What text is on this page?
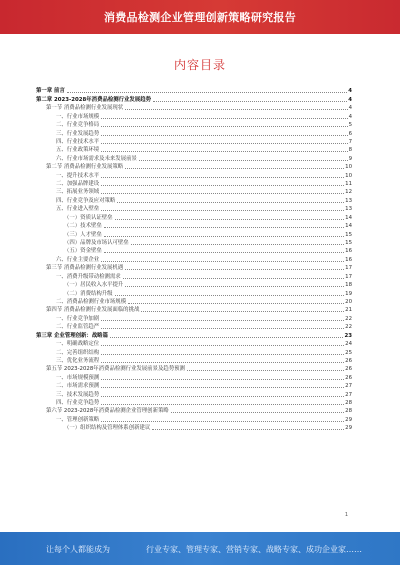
消费品检测企业管理创新策略研究报告
内容目录
第一章 前言	4
第二章 2023-2028年消费品检测行业发展趋势	4
第一节 消费品检测行业发展现状	4
一、行业市场规模	4
二、行业竞争格局	5
三、行业发展趋势	6
四、行业技术水平	7
五、行业政策环境	8
六、行业市场需求及未来发展前景	9
第二节 消费品检测行业发展策略	10
一、提升技术水平	10
二、加强品牌建设	11
三、拓展业务领域	12
四、行业竞争及应对策略	13
五、行业进入壁垒	13
（一）资质认证壁垒	14
（二）技术壁垒	14
（三）人才壁垒	15
（四）品牌及市场认可壁垒	15
（五）资金壁垒	16
六、行业主要企业	16
第三节 消费品检测行业发展机遇	17
一、消费升级带动检测需求	17
（一）居民收入水平提升	18
（二）消费结构升级	19
二、消费品检测行业市场规模	20
第四节 消费品检测行业发展面临的挑战	21
一、行业竞争加剧	22
二、行业监管趋严	22
第三章 企业管理创新：战略篇	23
一、明确战略定位	24
二、完善组织结构	25
三、优化业务流程	26
第五节 2023-2028年消费品检测行业发展前景及趋势预测	26
一、市场规模预测	26
二、市场需求预测	27
三、技术发展趋势	27
四、行业竞争趋势	28
第六节 2023-2028年消费品检测企业管理创新策略	28
一、管理创新策略	29
（一）组织结构及管理体系创新建议	29
1
让每个人都能成为	行业专家、管理专家、营销专家、战略专家、成功企业家……
